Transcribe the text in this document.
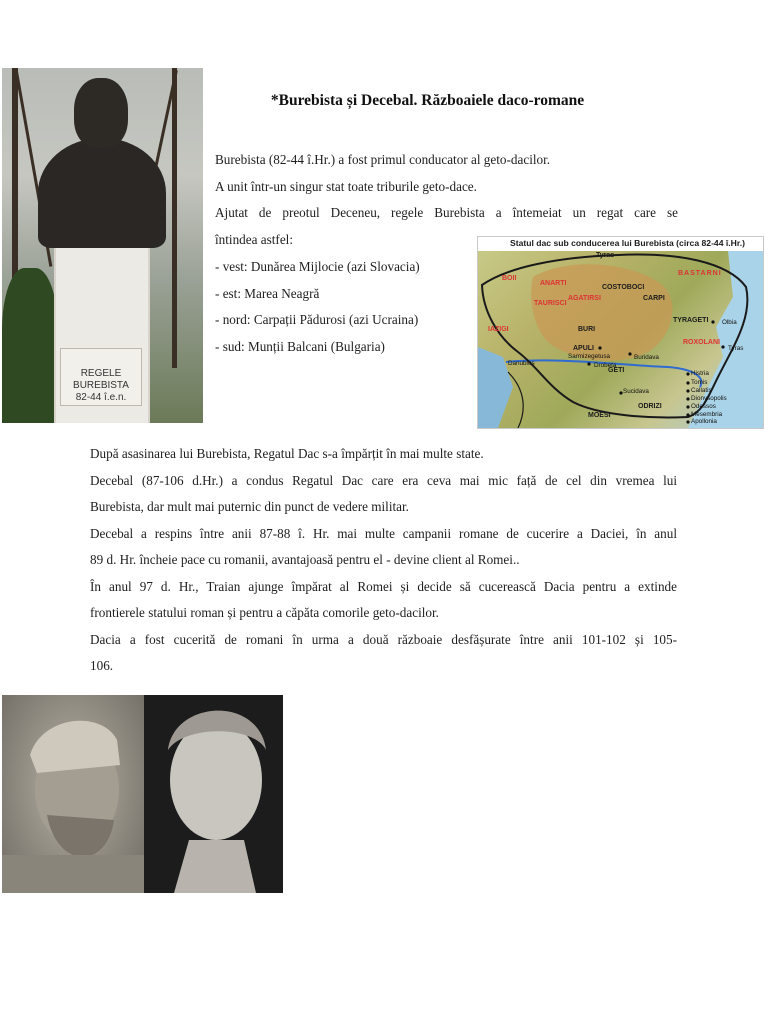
REGELE BUREBISTA
82-44 î.e.n.
*Burebista și Decebal. Războaiele daco-romane
Burebista (82-44 î.Hr.) a fost primul conducator al geto-dacilor.
A unit într-un singur stat toate triburile geto-dace.
Ajutat de preotul Deceneu, regele Burebista a întemeiat un regat care se
întindea astfel:
- vest: Dunărea Mijlocie (azi Slovacia)
- est: Marea Neagră
- nord: Carpații Pădurosi (azi Ucraina)
- sud: Munții Balcani (Bulgaria)
Statul dac sub conducerea lui Burebista (circa 82-44 î.Hr.)
Tyras
BASTARNI
BOII
ANARTI
COSTOBOCI
AGATIRSI	CARPI
TAURISCI
TYRAGETI Olbia
IAZIGI	BURI
ROXOLANI
APULI	Tyras
Sarmizegetusa	Buridava
Danubius	Drobeta
GETI	Histria
Tomis
Callatis
Sucidava
Dionysopolis
Odessos
ODRIZI
Mesembria
MOESI
Apollonia
După asasinarea lui Burebista, Regatul Dac s-a împărțit în mai multe state.
Decebal (87-106 d.Hr.) a condus Regatul Dac care era ceva mai mic față de cel din vremea lui
Burebista, dar mult mai puternic din punct de vedere militar.
Decebal a respins între anii 87-88 î. Hr. mai multe campanii romane de cucerire a Daciei, în anul
89 d. Hr. încheie pace cu romanii, avantajoasă pentru el - devine client al Romei..
În anul 97 d. Hr., Traian ajunge împărat al Romei și decide să cucerească Dacia pentru a extinde
frontierele statului roman și pentru a căpăta comorile geto-dacilor.
Dacia a fost cucerită de romani în urma a două războaie desfășurate între anii 101-102 și 105-
106.
